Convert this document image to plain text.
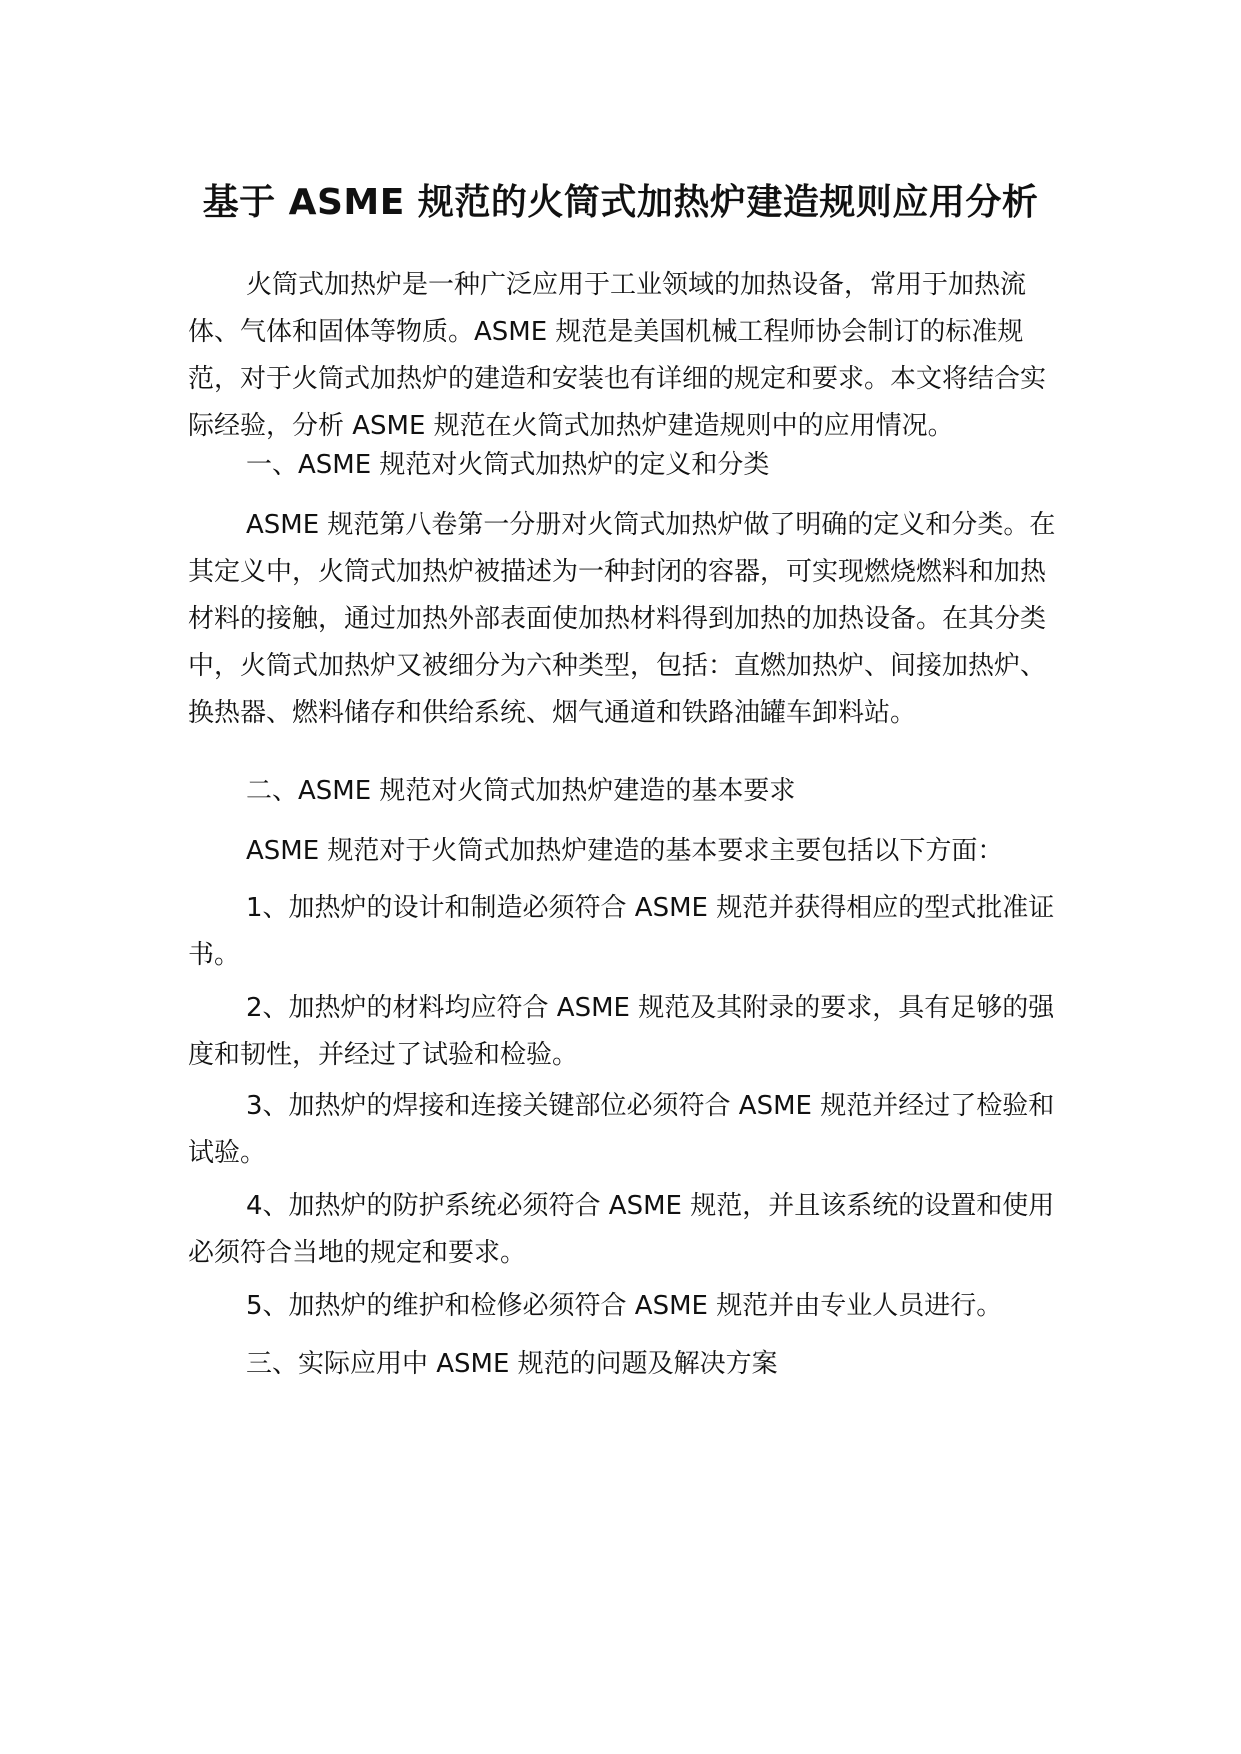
基于 ASME 规范的火筒式加热炉建造规则应用分析

火筒式加热炉是一种广泛应用于工业领域的加热设备，常用于加热流体、气体和固体等物质。ASME 规范是美国机械工程师协会制订的标准规范，对于火筒式加热炉的建造和安装也有详细的规定和要求。本文将结合实际经验，分析 ASME 规范在火筒式加热炉建造规则中的应用情况。

一、ASME 规范对火筒式加热炉的定义和分类

ASME 规范第八卷第一分册对火筒式加热炉做了明确的定义和分类。在其定义中，火筒式加热炉被描述为一种封闭的容器，可实现燃烧燃料和加热材料的接触，通过加热外部表面使加热材料得到加热的加热设备。在其分类中，火筒式加热炉又被细分为六种类型，包括：直燃加热炉、间接加热炉、换热器、燃料储存和供给系统、烟气通道和铁路油罐车卸料站。

二、ASME 规范对火筒式加热炉建造的基本要求

ASME 规范对于火筒式加热炉建造的基本要求主要包括以下方面：

1、加热炉的设计和制造必须符合 ASME 规范并获得相应的型式批准证书。

2、加热炉的材料均应符合 ASME 规范及其附录的要求，具有足够的强度和韧性，并经过了试验和检验。

3、加热炉的焊接和连接关键部位必须符合 ASME 规范并经过了检验和试验。

4、加热炉的防护系统必须符合 ASME 规范，并且该系统的设置和使用必须符合当地的规定和要求。

5、加热炉的维护和检修必须符合 ASME 规范并由专业人员进行。

三、实际应用中 ASME 规范的问题及解决方案
